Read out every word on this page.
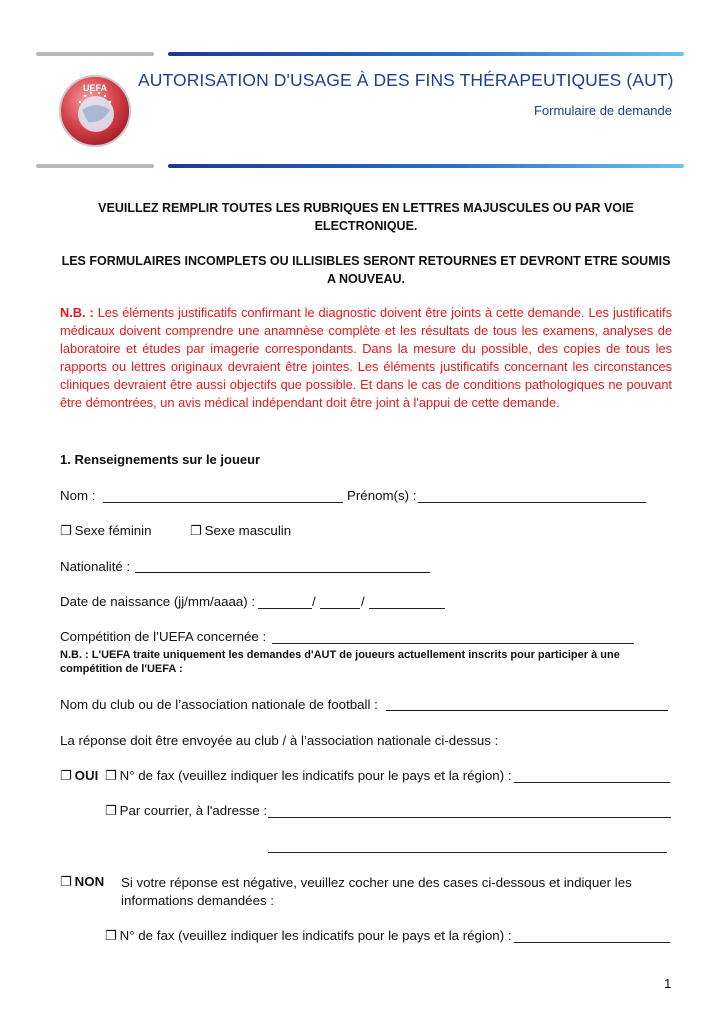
UEFA AUTORISATION D'USAGE À DES FINS THÉRAPEUTIQUES (AUT)
Formulaire de demande
VEUILLEZ REMPLIR TOUTES LES RUBRIQUES EN LETTRES MAJUSCULES OU PAR VOIE
ELECTRONIQUE.
LES FORMULAIRES INCOMPLETS OU ILLISIBLES SERONT RETOURNES ET DEVRONT ETRE SOUMIS
A NOUVEAU.
N.B. : Les éléments justificatifs confirmant le diagnostic doivent être joints à cette demande. Les justificatifs médicaux doivent comprendre une anamnèse complète et les résultats de tous les examens, analyses de laboratoire et études par imagerie correspondants. Dans la mesure du possible, des copies de tous les rapports ou lettres originaux devraient être jointes. Les éléments justificatifs concernant les circonstances cliniques devraient être aussi objectifs que possible. Et dans le cas de conditions pathologiques ne pouvant être démontrées, un avis médical indépendant doit être joint à l'appui de cette demande.
1. Renseignements sur le joueur
Nom :	Prénom(s) :
❐ Sexe féminin	❐ Sexe masculin
Nationalité :
Date de naissance (jj/mm/aaaa) :	/	/
Compétition de l’UEFA concernée :
N.B. : L'UEFA traite uniquement les demandes d'AUT de joueurs actuellement inscrits pour participer à une
compétition de l'UEFA :
Nom du club ou de l’association nationale de football :
La réponse doit être envoyée au club / à l’association nationale ci-dessus :
❐ OUI ❐ N° de fax (veuillez indiquer les indicatifs pour le pays et la région) :
❐ Par courrier, à l'adresse :
❐ NON Si votre réponse est négative, veuillez cocher une des cases ci-dessous et indiquer les
informations demandées :
❐ N° de fax (veuillez indiquer les indicatifs pour le pays et la région) :
1
